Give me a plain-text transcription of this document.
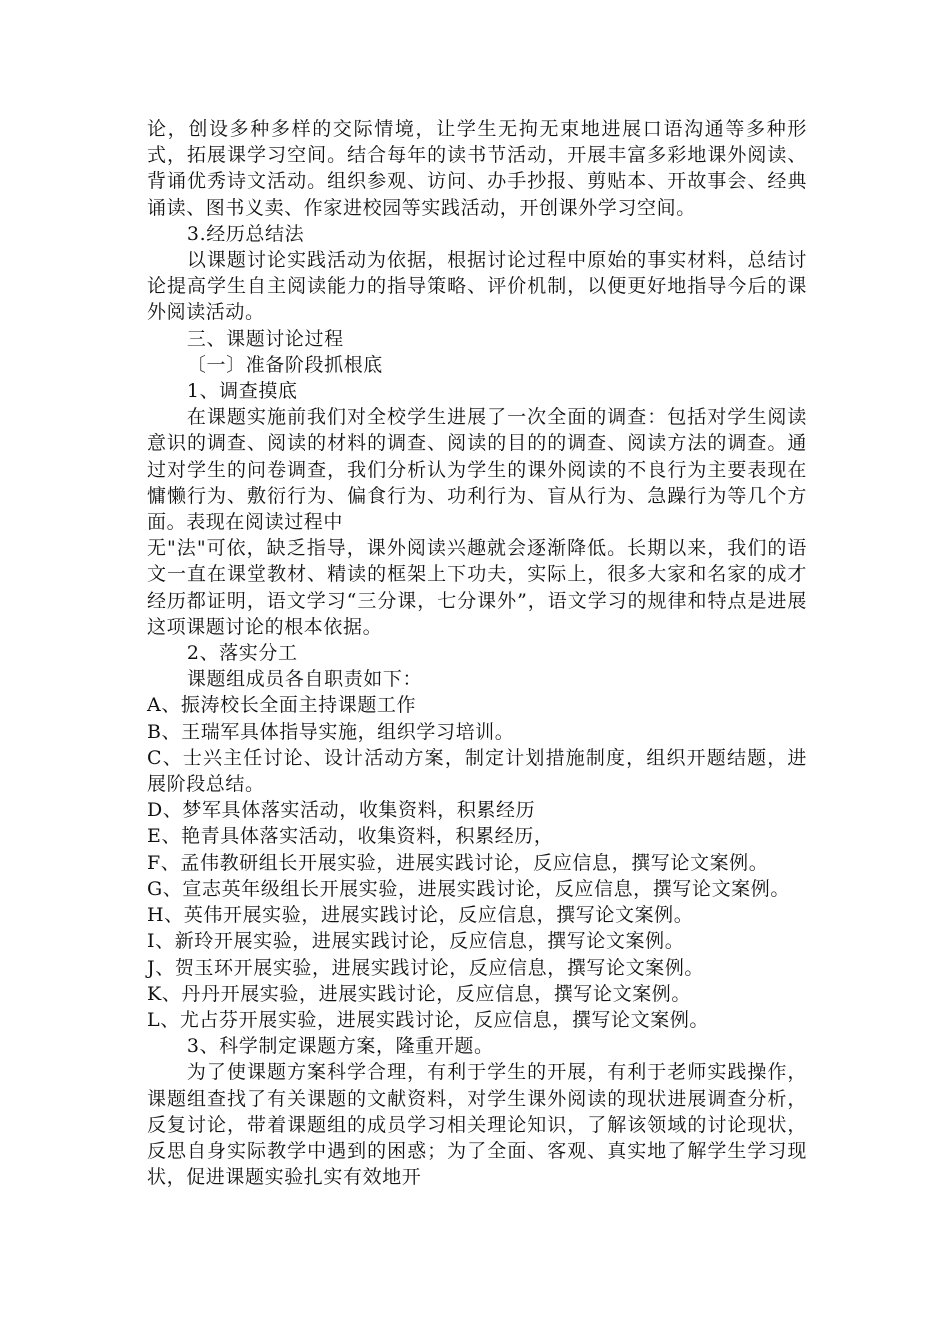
论，创设多种多样的交际情境，让学生无拘无束地进展口语沟通等多种形式，拓展课学习空间。结合每年的读书节活动，开展丰富多彩地课外阅读、背诵优秀诗文活动。组织参观、访问、办手抄报、剪贴本、开故事会、经典诵读、图书义卖、作家进校园等实践活动，开创课外学习空间。

3.经历总结法

以课题讨论实践活动为依据，根据讨论过程中原始的事实材料，总结讨论提高学生自主阅读能力的指导策略、评价机制，以便更好地指导今后的课外阅读活动。

三、课题讨论过程

〔一〕准备阶段抓根底

1、调查摸底

在课题实施前我们对全校学生进展了一次全面的调查：包括对学生阅读意识的调查、阅读的材料的调查、阅读的目的的调查、阅读方法的调查。通过对学生的问卷调查，我们分析认为学生的课外阅读的不良行为主要表现在慵懒行为、敷衍行为、偏食行为、功利行为、盲从行为、急躁行为等几个方面。表现在阅读过程中

无"法"可依，缺乏指导，课外阅读兴趣就会逐渐降低。长期以来，我们的语文一直在课堂教材、精读的框架上下功夫，实际上，很多大家和名家的成才经历都证明，语文学习“三分课，七分课外”，语文学习的规律和特点是进展这项课题讨论的根本依据。

2、落实分工

课题组成员各自职责如下：

A、振涛校长全面主持课题工作

B、王瑞军具体指导实施，组织学习培训。

C、士兴主任讨论、设计活动方案，制定计划措施制度，组织开题结题，进展阶段总结。

D、梦军具体落实活动，收集资料，积累经历

E、艳青具体落实活动，收集资料，积累经历，

F、孟伟教研组长开展实验，进展实践讨论，反应信息，撰写论文案例。

G、宣志英年级组长开展实验，进展实践讨论，反应信息，撰写论文案例。

H、英伟开展实验，进展实践讨论，反应信息，撰写论文案例。

I、新玲开展实验，进展实践讨论，反应信息，撰写论文案例。

J、贺玉环开展实验，进展实践讨论，反应信息，撰写论文案例。

K、丹丹开展实验，进展实践讨论，反应信息，撰写论文案例。

L、尤占芬开展实验，进展实践讨论，反应信息，撰写论文案例。

3、科学制定课题方案，隆重开题。

为了使课题方案科学合理，有利于学生的开展，有利于老师实践操作，课题组查找了有关课题的文献资料，对学生课外阅读的现状进展调查分析，反复讨论，带着课题组的成员学习相关理论知识，了解该领域的讨论现状，反思自身实际教学中遇到的困惑；为了全面、客观、真实地了解学生学习现状，促进课题实验扎实有效地开
